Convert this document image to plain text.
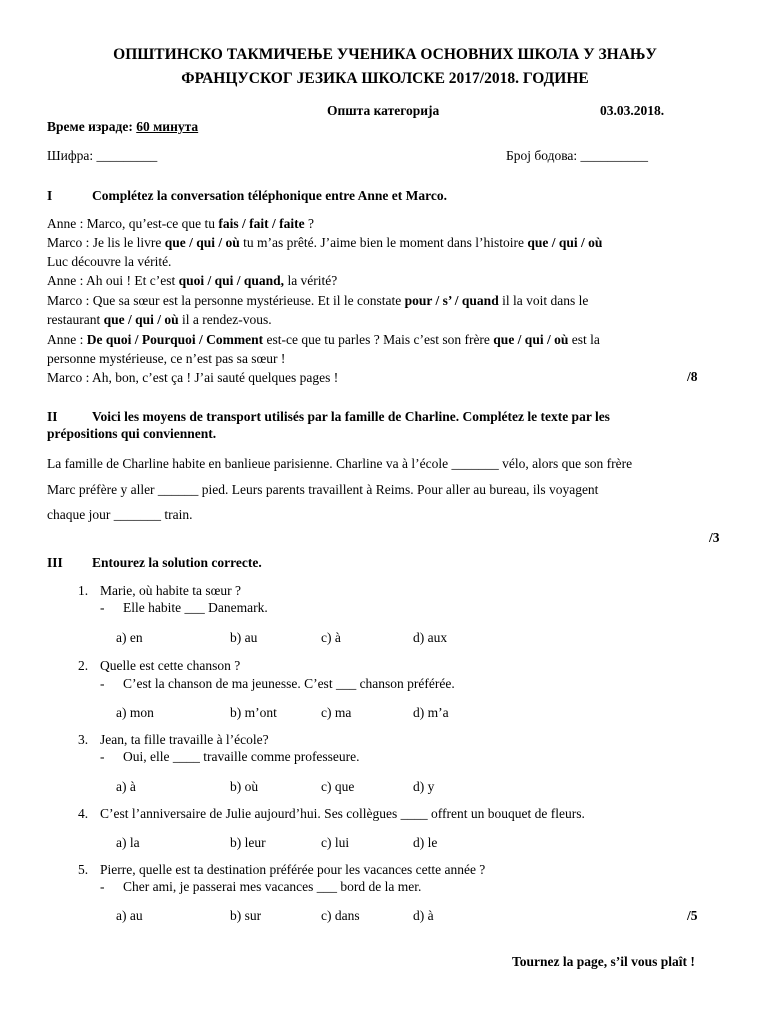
ОПШТИНСКО ТАКМИЧЕЊЕ УЧЕНИКА ОСНОВНИХ ШКОЛА У ЗНАЊУ
ФРАНЦУСКОГ ЈЕЗИКА ШКОЛСКЕ 2017/2018. ГОДИНЕ
Општа категорија	03.03.2018.
Време израде: 60 минута
Шифра: _________	Број бодова: __________
I	Complétez la conversation téléphonique entre Anne et Marco.
Anne : Marco, qu’est-ce que tu fais / fait / faite ?
Marco : Je lis le livre que / qui / où tu m’as prêté. J’aime bien le moment dans l’histoire que / qui / où
Luc découvre la vérité.
Anne : Ah oui ! Et c’est quoi / qui / quand, la vérité?
Marco : Que sa sœur est la personne mystérieuse. Et il le constate pour / s’ / quand il la voit dans le
restaurant que / qui / où il a rendez-vous.
Anne : De quoi / Pourquoi / Comment est-ce que tu parles ? Mais c’est son frère que / qui / où est la
personne mystérieuse, ce n’est pas sa sœur !
Marco : Ah, bon, c’est ça ! J’ai sauté quelques pages !	/8
II	Voici les moyens de transport utilisés par la famille de Charline. Complétez le texte par les
prépositions qui conviennent.
La famille de Charline habite en banlieue parisienne. Charline va à l’école _______ vélo, alors que son frère
Marc préfère y aller ______ pied. Leurs parents travaillent à Reims. Pour aller au bureau, ils voyagent
chaque jour _______ train.
/3
III Entourez la solution correcte.
1. Marie, où habite ta sœur ?
- Elle habite ___ Danemark.
a) en	b) au	c) à	d) aux
2. Quelle est cette chanson ?
- C’est la chanson de ma jeunesse. C’est ___ chanson préférée.
a) mon	b) m’ont	c) ma	d) m’a
3. Jean, ta fille travaille à l’école?
- Oui, elle ____ travaille comme professeure.
a) à	b) où	c) que	d) y
4. C’est l’anniversaire de Julie aujourd’hui. Ses collègues ____ offrent un bouquet de fleurs.
a) la	b) leur	c) lui	d) le
5. Pierre, quelle est ta destination préférée pour les vacances cette année ?
- Cher ami, je passerai mes vacances ___ bord de la mer.
a) au	b) sur	c) dans	d) à	/5
Tournez la page, s’il vous plaît !
